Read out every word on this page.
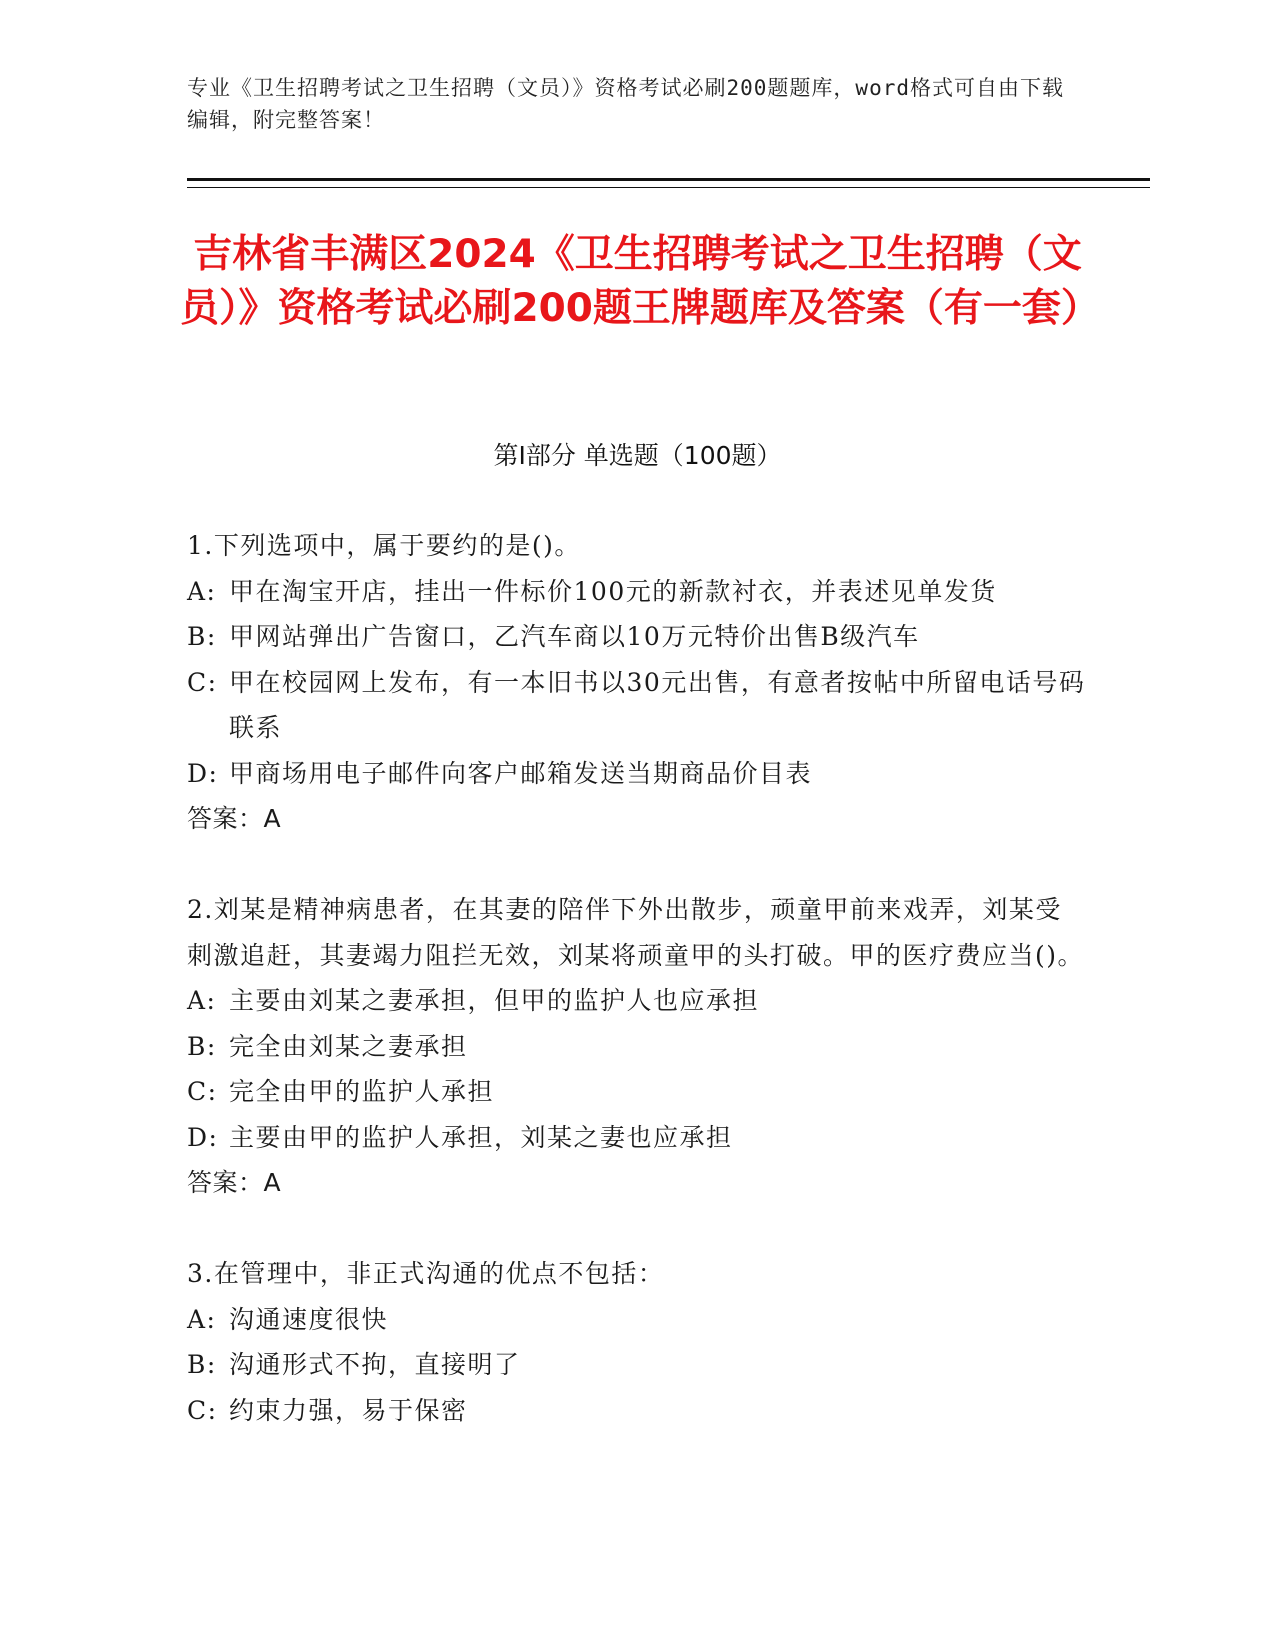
专业《卫生招聘考试之卫生招聘（文员）》资格考试必刷200题题库，word格式可自由下载编辑，附完整答案！
吉林省丰满区2024《卫生招聘考试之卫生招聘（文员）》资格考试必刷200题王牌题库及答案（有一套）
第Ⅰ部分 单选题（100题）
1.下列选项中，属于要约的是()。
A: 甲在淘宝开店，挂出一件标价100元的新款衬衣，并表述见单发货
B: 甲网站弹出广告窗口，乙汽车商以10万元特价出售B级汽车
C: 甲在校园网上发布，有一本旧书以30元出售，有意者按帖中所留电话号码联系
D: 甲商场用电子邮件向客户邮箱发送当期商品价目表
答案：A
2.刘某是精神病患者，在其妻的陪伴下外出散步，顽童甲前来戏弄，刘某受刺激追赶，其妻竭力阻拦无效，刘某将顽童甲的头打破。甲的医疗费应当()。
A: 主要由刘某之妻承担，但甲的监护人也应承担
B: 完全由刘某之妻承担
C: 完全由甲的监护人承担
D: 主要由甲的监护人承担，刘某之妻也应承担
答案：A
3.在管理中，非正式沟通的优点不包括：
A: 沟通速度很快
B: 沟通形式不拘，直接明了
C: 约束力强，易于保密
